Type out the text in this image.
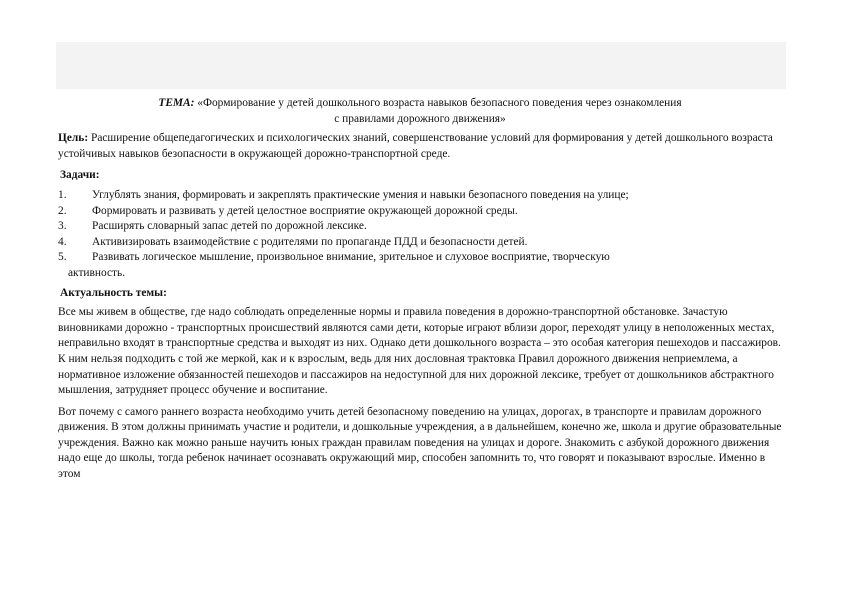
ТЕМА: «Формирование у детей дошкольного возраста навыков безопасного поведения через ознакомления
с правилами дорожного движения»
Цель: Расширение общепедагогических и психологических знаний, совершенствование условий для формирования у детей дошкольного возраста устойчивых навыков безопасности в окружающей дорожно-транспортной среде.
Задачи:
1. Углублять знания, формировать и закреплять практические умения и навыки безопасного поведения на улице;
2. Формировать и развивать у детей целостное восприятие окружающей дорожной среды.
3. Расширять словарный запас детей по дорожной лексике.
4. Активизировать взаимодействие с родителями по пропаганде ПДД и безопасности детей.
5. Развивать логическое мышление, произвольное внимание, зрительное и слуховое восприятие, творческую
активность.
Актуальность темы:

Все мы живем в обществе, где надо соблюдать определенные нормы и правила поведения в дорожно-транспортной обстановке. Зачастую виновниками дорожно - транспортных происшествий являются сами дети, которые играют вблизи дорог, переходят улицу в неположенных местах, неправильно входят в транспортные средства и выходят из них. Однако дети дошкольного возраста – это особая категория пешеходов и пассажиров. К ним нельзя подходить с той же меркой, как и к взрослым, ведь для них дословная трактовка Правил дорожного движения неприемлема, а нормативное изложение обязанностей пешеходов и пассажиров на недоступной для них дорожной лексике, требует от дошкольников абстрактного мышления, затрудняет процесс обучение и воспитание.

Вот почему с самого раннего возраста необходимо учить детей безопасному поведению на улицах, дорогах, в транспорте и правилам дорожного движения. В этом должны принимать участие и родители, и дошкольные учреждения, а в дальнейшем, конечно же, школа и другие образовательные учреждения. Важно как можно раньше научить юных граждан правилам поведения на улицах и дороге. Знакомить с азбукой дорожного движения надо еще до школы, тогда ребенок начинает осознавать окружающий мир, способен запомнить то, что говорят и показывают взрослые. Именно в этом
